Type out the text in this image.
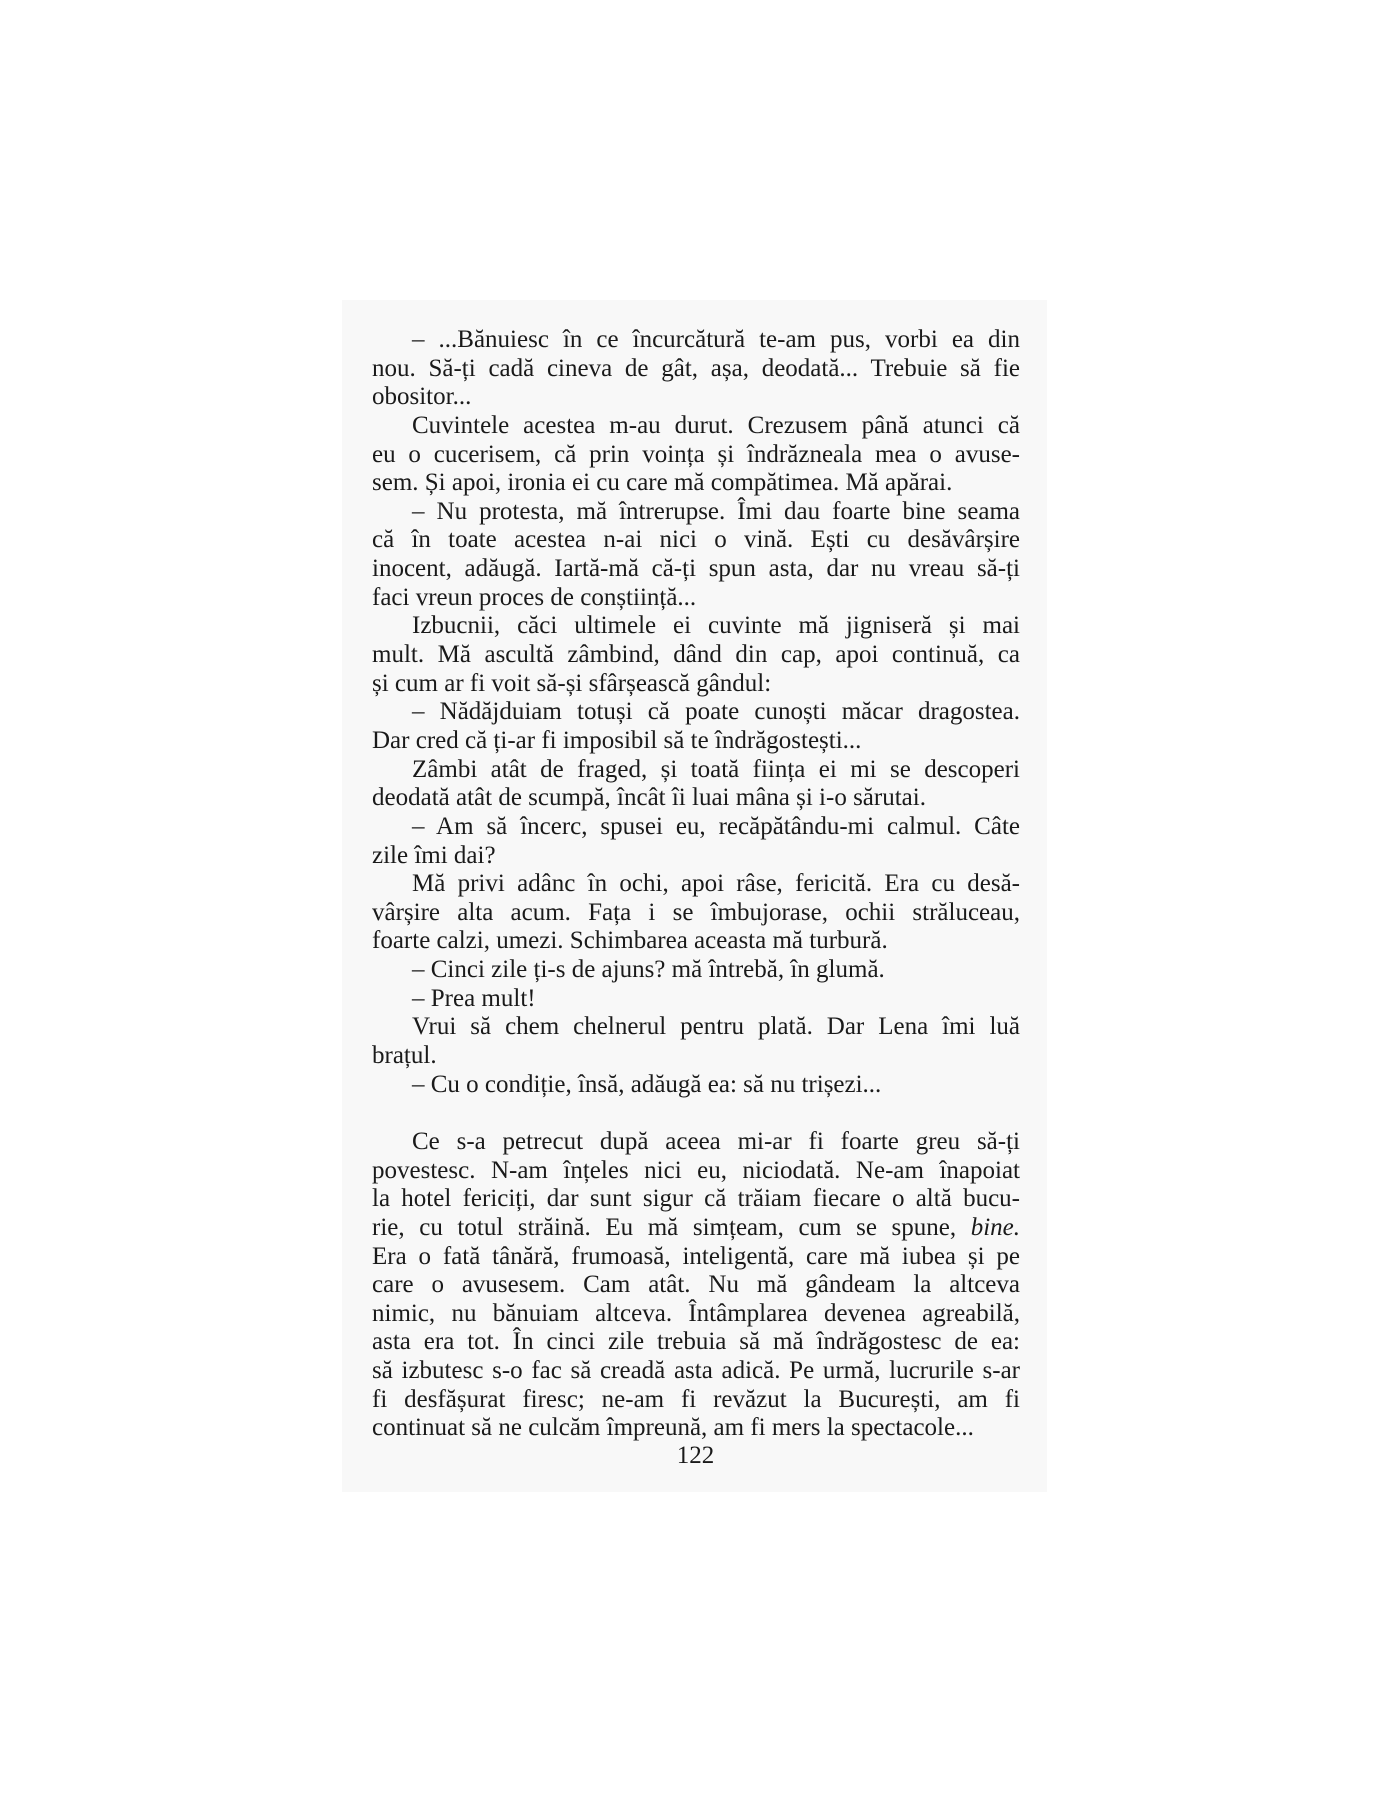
– ...Bănuiesc în ce încurcătură te-am pus, vorbi ea din
nou. Să-ți cadă cineva de gât, așa, deodată... Trebuie să fie
obositor...
Cuvintele acestea m-au durut. Crezusem până atunci că
eu o cucerisem, că prin voința și îndrăzneala mea o avuse-
sem. Și apoi, ironia ei cu care mă compătimea. Mă apărai.
– Nu protesta, mă întrerupse. Îmi dau foarte bine seama
că în toate acestea n-ai nici o vină. Ești cu desăvârșire
inocent, adăugă. Iartă-mă că-ți spun asta, dar nu vreau să-ți
faci vreun proces de conștiință...
Izbucnii, căci ultimele ei cuvinte mă jigniseră și mai
mult. Mă ascultă zâmbind, dând din cap, apoi continuă, ca
și cum ar fi voit să-și sfârșească gândul:
– Nădăjduiam totuși că poate cunoști măcar dragostea.
Dar cred că ți-ar fi imposibil să te îndrăgostești...
Zâmbi atât de fraged, și toată ființa ei mi se descoperi
deodată atât de scumpă, încât îi luai mâna și i-o sărutai.
– Am să încerc, spusei eu, recăpătându-mi calmul. Câte
zile îmi dai?
Mă privi adânc în ochi, apoi râse, fericită. Era cu desă-
vârșire alta acum. Fața i se îmbujorase, ochii străluceau,
foarte calzi, umezi. Schimbarea aceasta mă turbură.
– Cinci zile ți-s de ajuns? mă întrebă, în glumă.
– Prea mult!
Vrui să chem chelnerul pentru plată. Dar Lena îmi luă
brațul.
– Cu o condiție, însă, adăugă ea: să nu trișezi...
Ce s-a petrecut după aceea mi-ar fi foarte greu să-ți
povestesc. N-am înțeles nici eu, niciodată. Ne-am înapoiat
la hotel fericiți, dar sunt sigur că trăiam fiecare o altă bucu-
rie, cu totul străină. Eu mă simțeam, cum se spune, bine.
Era o fată tânără, frumoasă, inteligentă, care mă iubea și pe
care o avusesem. Cam atât. Nu mă gândeam la altceva
nimic, nu bănuiam altceva. Întâmplarea devenea agreabilă,
asta era tot. În cinci zile trebuia să mă îndrăgostesc de ea:
să izbutesc s-o fac să creadă asta adică. Pe urmă, lucrurile s-ar
fi desfășurat firesc; ne-am fi revăzut la București, am fi
continuat să ne culcăm împreună, am fi mers la spectacole...
122
